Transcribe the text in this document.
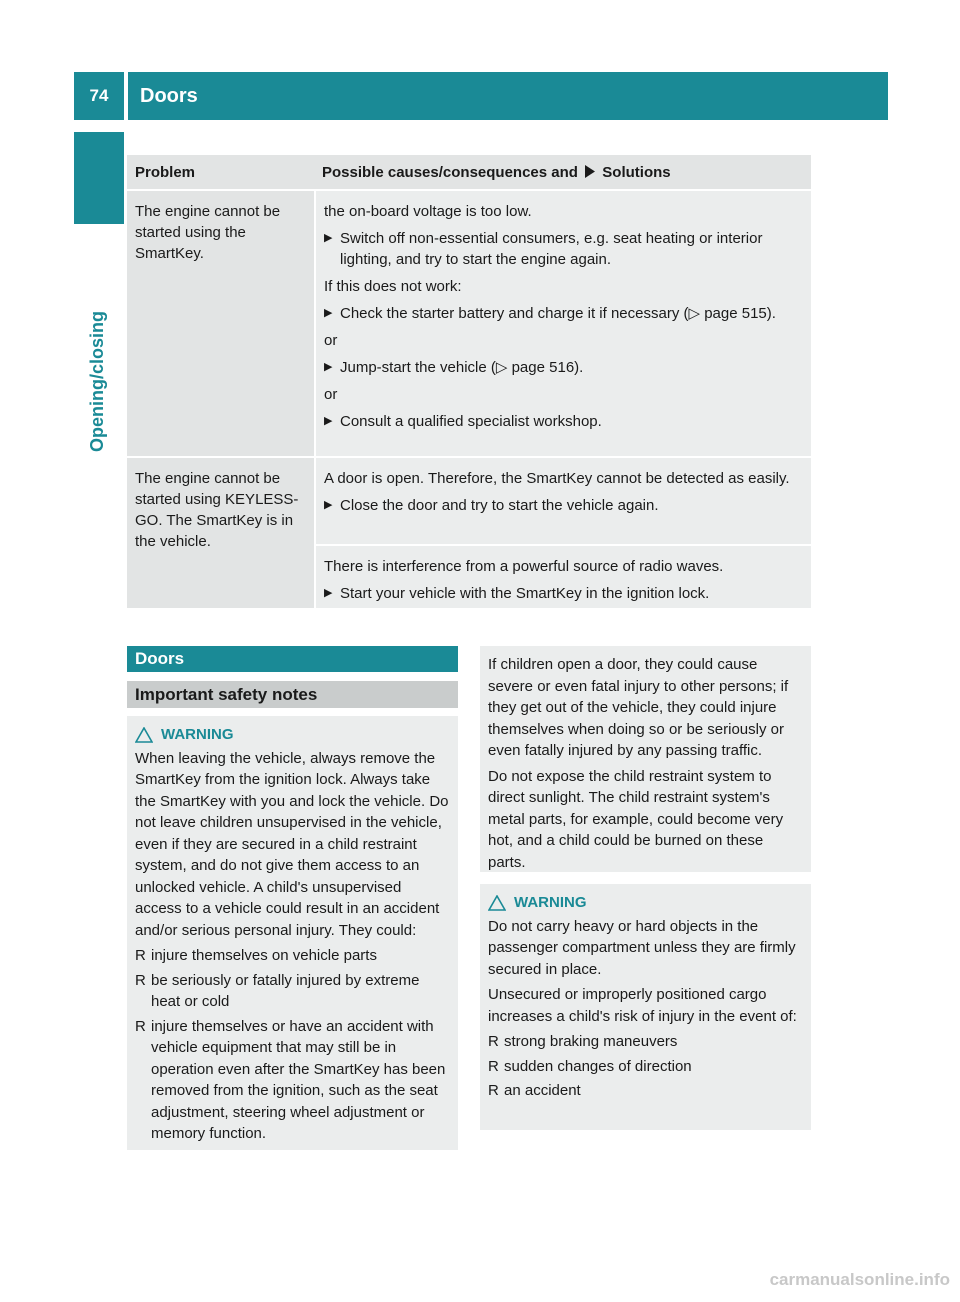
74	Doors
Opening/closing
Problem	Possible causes/consequences and Solutions
The engine cannot be started using the SmartKey.

the on-board voltage is too low.

▶ Switch off non-essential consumers, e.g. seat heating or interior lighting, and try to start the engine again.

If this does not work:

▶ Check the starter battery and charge it if necessary (▷ page 515).

or

▶ Jump-start the vehicle (▷ page 516).

or

▶ Consult a qualified specialist workshop.
The engine cannot be started using KEYLESS-GO. The SmartKey is in the vehicle.

A door is open. Therefore, the SmartKey cannot be detected as easily.

▶ Close the door and try to start the vehicle again.

There is interference from a powerful source of radio waves.

▶ Start your vehicle with the SmartKey in the ignition lock.
Doors
Important safety notes
WARNING

When leaving the vehicle, always remove the SmartKey from the ignition lock. Always take the SmartKey with you and lock the vehicle. Do not leave children unsupervised in the vehicle, even if they are secured in a child restraint system, and do not give them access to an unlocked vehicle. A child's unsupervised access to a vehicle could result in an accident and/or serious personal injury. They could:

R injure themselves on vehicle parts
R be seriously or fatally injured by extreme heat or cold
R injure themselves or have an accident with vehicle equipment that may still be in operation even after the SmartKey has been removed from the ignition, such as the seat adjustment, steering wheel adjustment or memory function.

If children open a door, they could cause severe or even fatal injury to other persons; if they get out of the vehicle, they could injure themselves when doing so or be seriously or even fatally injured by any passing traffic.

Do not expose the child restraint system to direct sunlight. The child restraint system's metal parts, for example, could become very hot, and a child could be burned on these parts.

WARNING

Do not carry heavy or hard objects in the passenger compartment unless they are firmly secured in place.

Unsecured or improperly positioned cargo increases a child's risk of injury in the event of:

R strong braking maneuvers
R sudden changes of direction
R an accident
carmanualsonline.info
